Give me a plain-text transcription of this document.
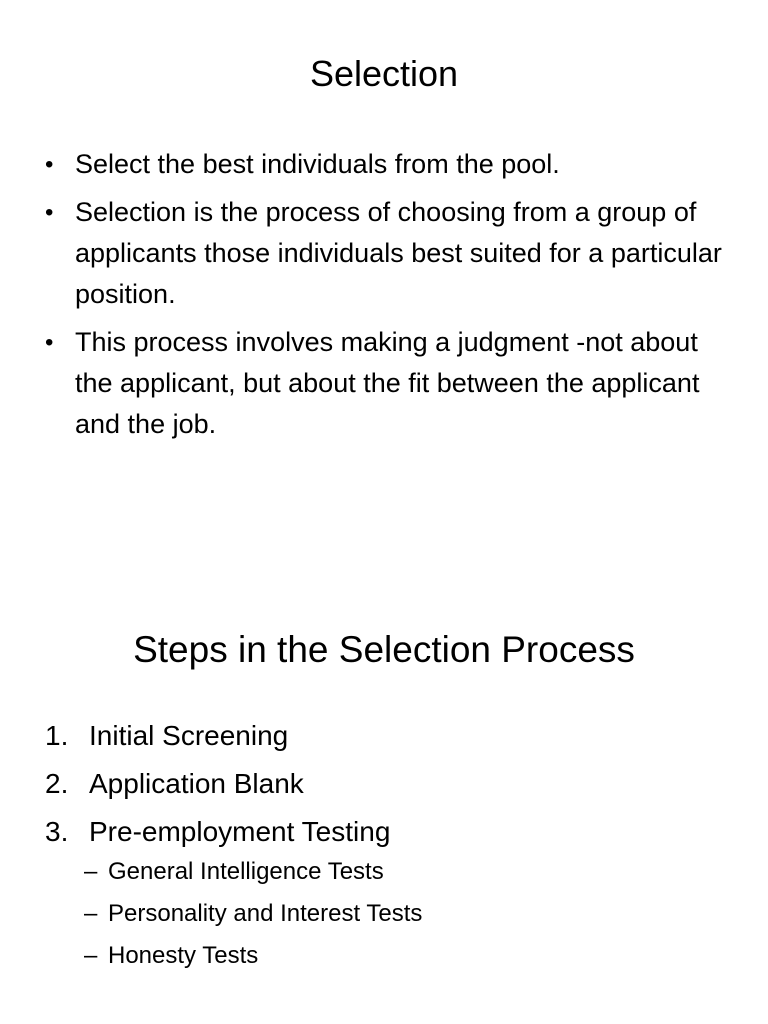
Selection
• Select the best individuals from the pool.
• Selection is the process of choosing from a group of applicants those individuals best suited for a particular position.
• This process involves making a judgment -not about the applicant, but about the fit between the applicant and the job.
Steps in the Selection Process
1. Initial Screening
2. Application Blank
3. Pre-employment Testing
– General Intelligence Tests
– Personality and Interest Tests
– Honesty Tests
